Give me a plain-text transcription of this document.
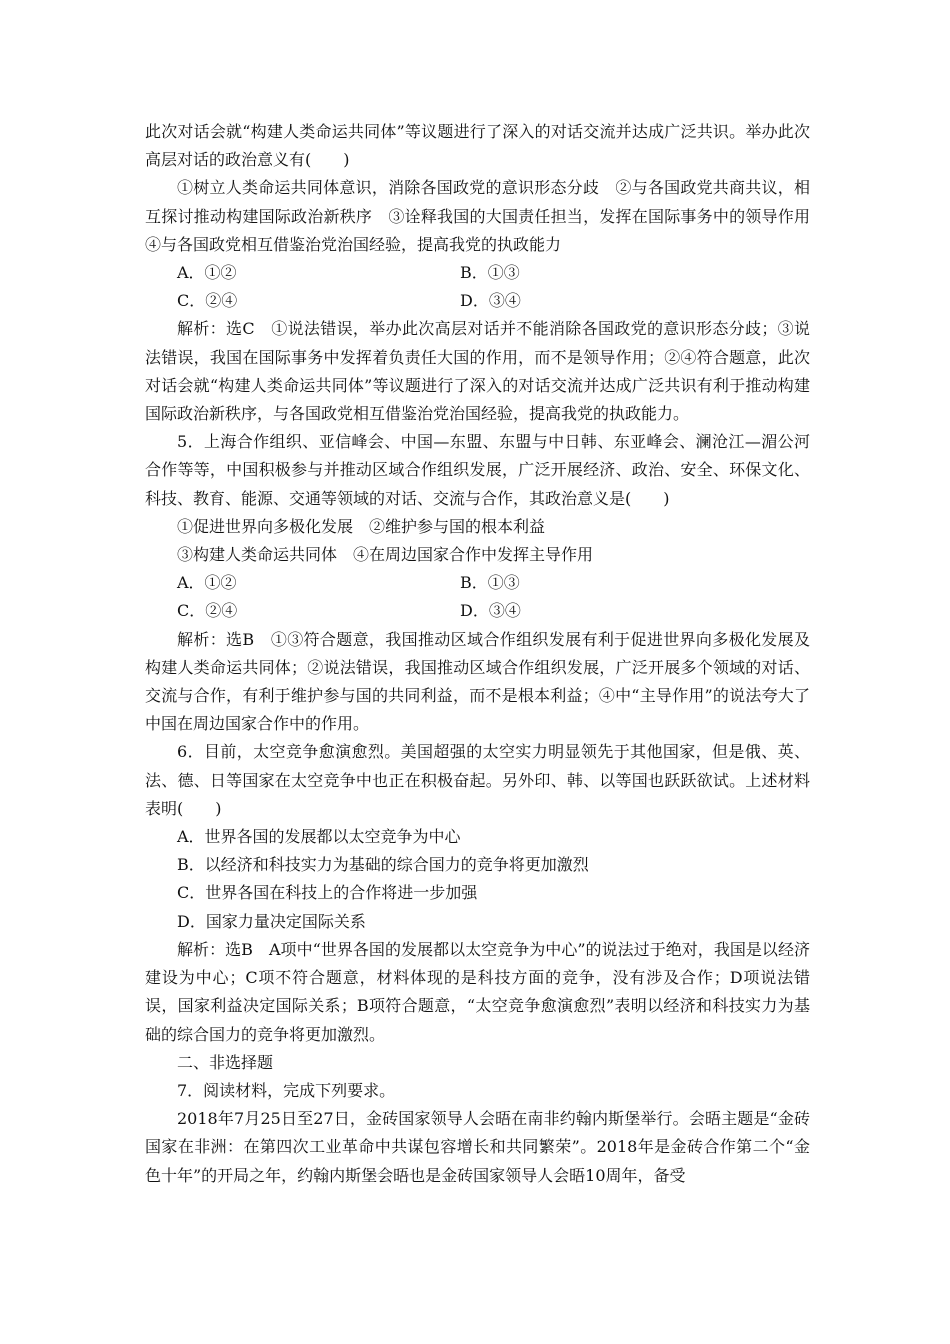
此次对话会就“构建人类命运共同体”等议题进行了深入的对话交流并达成广泛共识。举办此次高层对话的政治意义有(　　)

①树立人类命运共同体意识，消除各国政党的意识形态分歧　②与各国政党共商共议，相互探讨推动构建国际政治新秩序　③诠释我国的大国责任担当，发挥在国际事务中的领导作用　④与各国政党相互借鉴治党治国经验，提高我党的执政能力

A．①②	B．①③
C．②④	D．③④

解析：选C　①说法错误，举办此次高层对话并不能消除各国政党的意识形态分歧；③说法错误，我国在国际事务中发挥着负责任大国的作用，而不是领导作用；②④符合题意，此次对话会就“构建人类命运共同体”等议题进行了深入的对话交流并达成广泛共识有利于推动构建国际政治新秩序，与各国政党相互借鉴治党治国经验，提高我党的执政能力。

5．上海合作组织、亚信峰会、中国—东盟、东盟与中日韩、东亚峰会、澜沧江—湄公河合作等等，中国积极参与并推动区域合作组织发展，广泛开展经济、政治、安全、环保文化、科技、教育、能源、交通等领域的对话、交流与合作，其政治意义是(　　)

①促进世界向多极化发展　②维护参与国的根本利益

③构建人类命运共同体　④在周边国家合作中发挥主导作用

A．①②	B．①③
C．②④	D．③④

解析：选B　①③符合题意，我国推动区域合作组织发展有利于促进世界向多极化发展及构建人类命运共同体；②说法错误，我国推动区域合作组织发展，广泛开展多个领域的对话、交流与合作，有利于维护参与国的共同利益，而不是根本利益；④中“主导作用”的说法夸大了中国在周边国家合作中的作用。

6．目前，太空竞争愈演愈烈。美国超强的太空实力明显领先于其他国家，但是俄、英、法、德、日等国家在太空竞争中也正在积极奋起。另外印、韩、以等国也跃跃欲试。上述材料表明(　　)

A．世界各国的发展都以太空竞争为中心

B．以经济和科技实力为基础的综合国力的竞争将更加激烈

C．世界各国在科技上的合作将进一步加强

D．国家力量决定国际关系

解析：选B　A项中“世界各国的发展都以太空竞争为中心”的说法过于绝对，我国是以经济建设为中心；C项不符合题意，材料体现的是科技方面的竞争，没有涉及合作；D项说法错误，国家利益决定国际关系；B项符合题意，“太空竞争愈演愈烈”表明以经济和科技实力为基础的综合国力的竞争将更加激烈。

二、非选择题

7．阅读材料，完成下列要求。

2018年7月25日至27日，金砖国家领导人会晤在南非约翰内斯堡举行。会晤主题是“金砖国家在非洲：在第四次工业革命中共谋包容增长和共同繁荣”。2018年是金砖合作第二个“金色十年”的开局之年，约翰内斯堡会晤也是金砖国家领导人会晤10周年，备受
